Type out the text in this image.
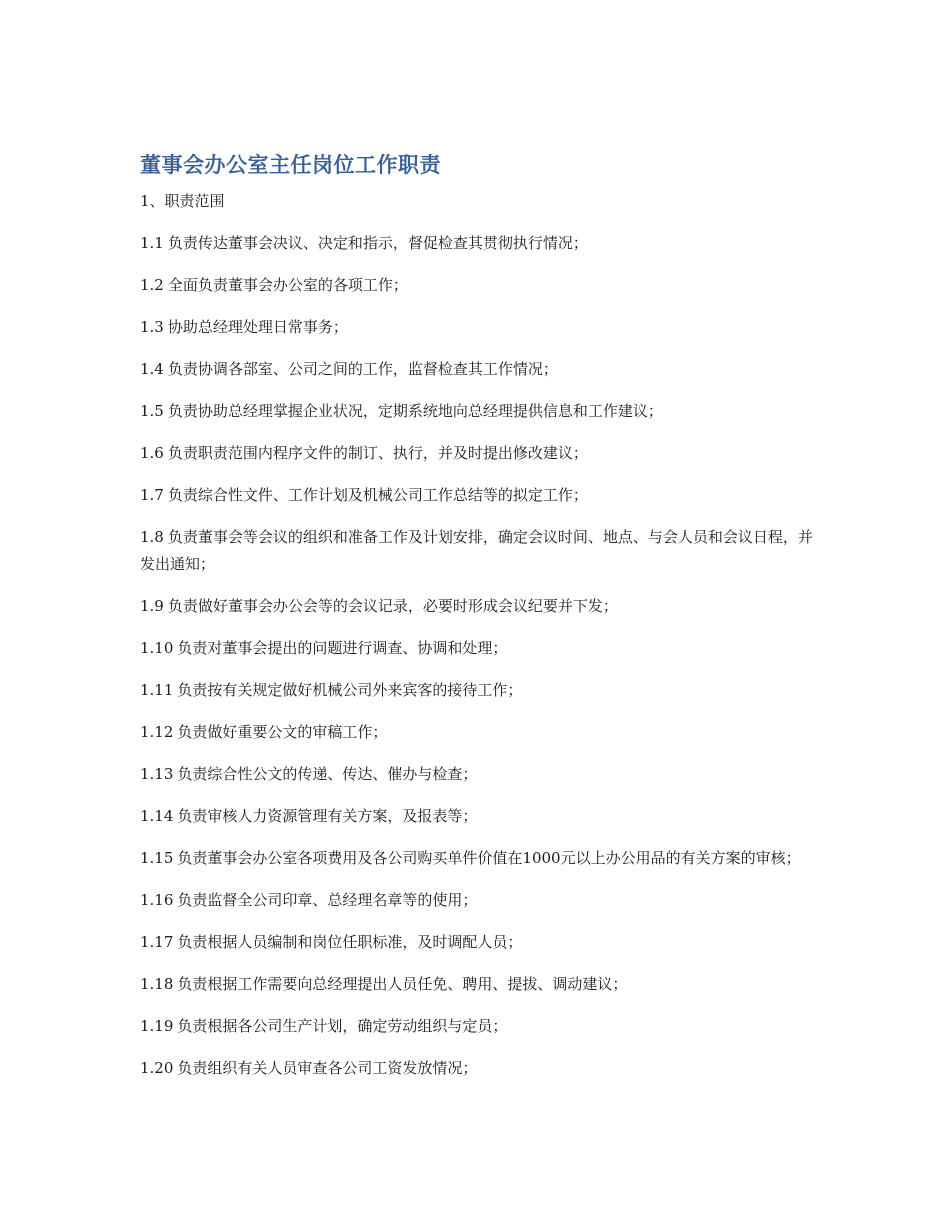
董事会办公室主任岗位工作职责
1、职责范围
1.1 负责传达董事会决议、决定和指示，督促检查其贯彻执行情况；
1.2 全面负责董事会办公室的各项工作；
1.3 协助总经理处理日常事务；
1.4 负责协调各部室、公司之间的工作，监督检查其工作情况；
1.5 负责协助总经理掌握企业状况，定期系统地向总经理提供信息和工作建议；
1.6 负责职责范围内程序文件的制订、执行，并及时提出修改建议；
1.7 负责综合性文件、工作计划及机械公司工作总结等的拟定工作；
1.8 负责董事会等会议的组织和准备工作及计划安排，确定会议时间、地点、与会人员和会议日程，并发出通知；
1.9 负责做好董事会办公会等的会议记录，必要时形成会议纪要并下发；
1.10 负责对董事会提出的问题进行调查、协调和处理；
1.11 负责按有关规定做好机械公司外来宾客的接待工作；
1.12 负责做好重要公文的审稿工作；
1.13 负责综合性公文的传递、传达、催办与检查；
1.14 负责审核人力资源管理有关方案，及报表等；
1.15 负责董事会办公室各项费用及各公司购买单件价值在1000元以上办公用品的有关方案的审核；
1.16 负责监督全公司印章、总经理名章等的使用；
1.17 负责根据人员编制和岗位任职标准，及时调配人员；
1.18 负责根据工作需要向总经理提出人员任免、聘用、提拔、调动建议；
1.19 负责根据各公司生产计划，确定劳动组织与定员；
1.20 负责组织有关人员审查各公司工资发放情况；
